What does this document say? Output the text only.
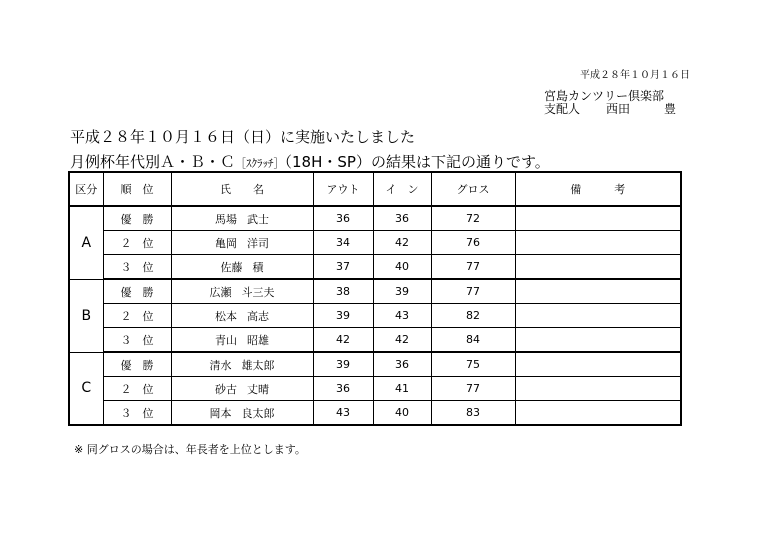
平成２８年１０月１６日
宮島カンツリー倶楽部
支配人	西田	豊
平成２８年１０月１６日（日）に実施いたしました
月例杯年代別Ａ・Ｂ・Ｃ［ｽｸﾗｯﾁ］（18H・SP）の結果は下記の通りです。
区分	順　位	氏　　名	アウト	イ　ン	グロス	備　　　考
A	優　勝	馬場 武士	36	36	72	
	２　位	亀岡 洋司	34	42	76	
	３　位	佐藤 積	37	40	77	
B	優　勝	広瀬 斗三夫	38	39	77	
	２　位	松本 高志	39	43	82	
	３　位	青山 昭雄	42	42	84	
C	優　勝	清水 雄太郎	39	36	75	
	２　位	砂古 丈晴	36	41	77	
	３　位	岡本 良太郎	43	40	83	
※ 同グロスの場合は、年長者を上位とします。
